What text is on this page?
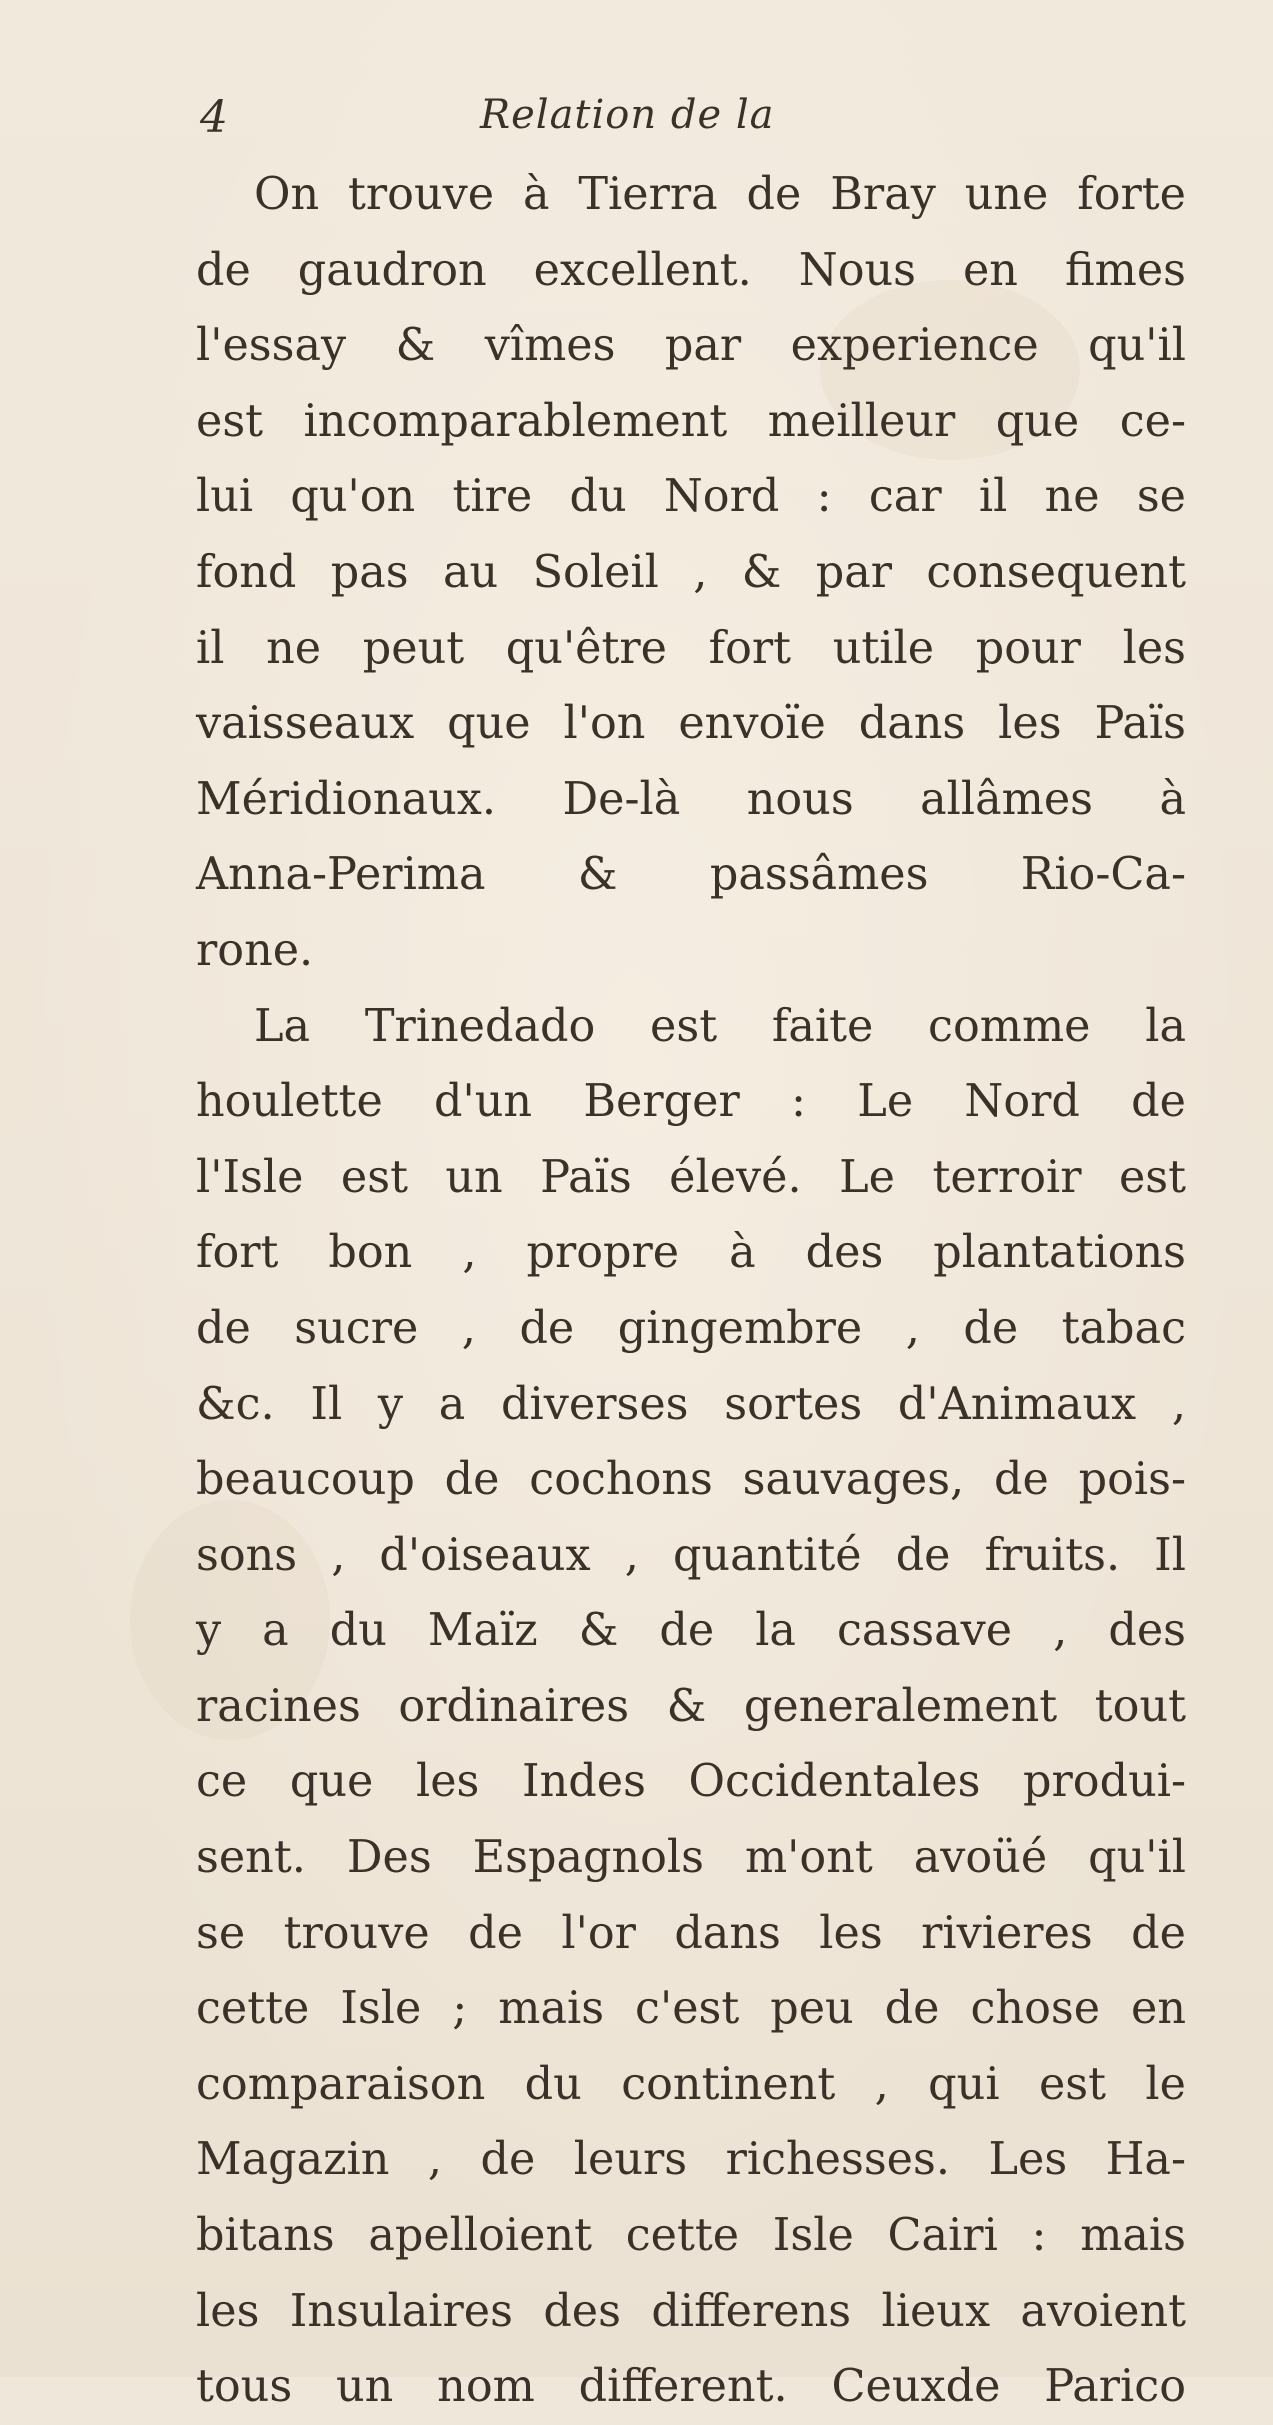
4	Relation de la
On trouve à Tierra de Bray une forte
de gaudron excellent. Nous en fimes
l'essay & vîmes par experience qu'il
est incomparablement meilleur que ce-
lui qu'on tire du Nord : car il ne se
fond pas au Soleil , & par consequent
il ne peut qu'être fort utile pour les
vaisseaux que l'on envoïe dans les Païs
Méridionaux. De-là nous allâmes à
Anna-Perima & passâmes Rio-Ca-
rone.
La Trinedado est faite comme la
houlette d'un Berger : Le Nord de
l'Isle est un Païs élevé. Le terroir est
fort bon , propre à des plantations
de sucre , de gingembre , de tabac
&c. Il y a diverses sortes d'Animaux ,
beaucoup de cochons sauvages, de pois-
sons , d'oiseaux , quantité de fruits. Il
y a du Maïz & de la cassave , des
racines ordinaires & generalement tout
ce que les Indes Occidentales produi-
sent. Des Espagnols m'ont avoüé qu'il
se trouve de l'or dans les rivieres de
cette Isle ; mais c'est peu de chose en
comparaison du continent , qui est le
Magazin , de leurs richesses. Les Ha-
bitans apelloient cette Isle Cairi : mais
les Insulaires des differens lieux avoient
tous un nom different. Ceuxde Parico
